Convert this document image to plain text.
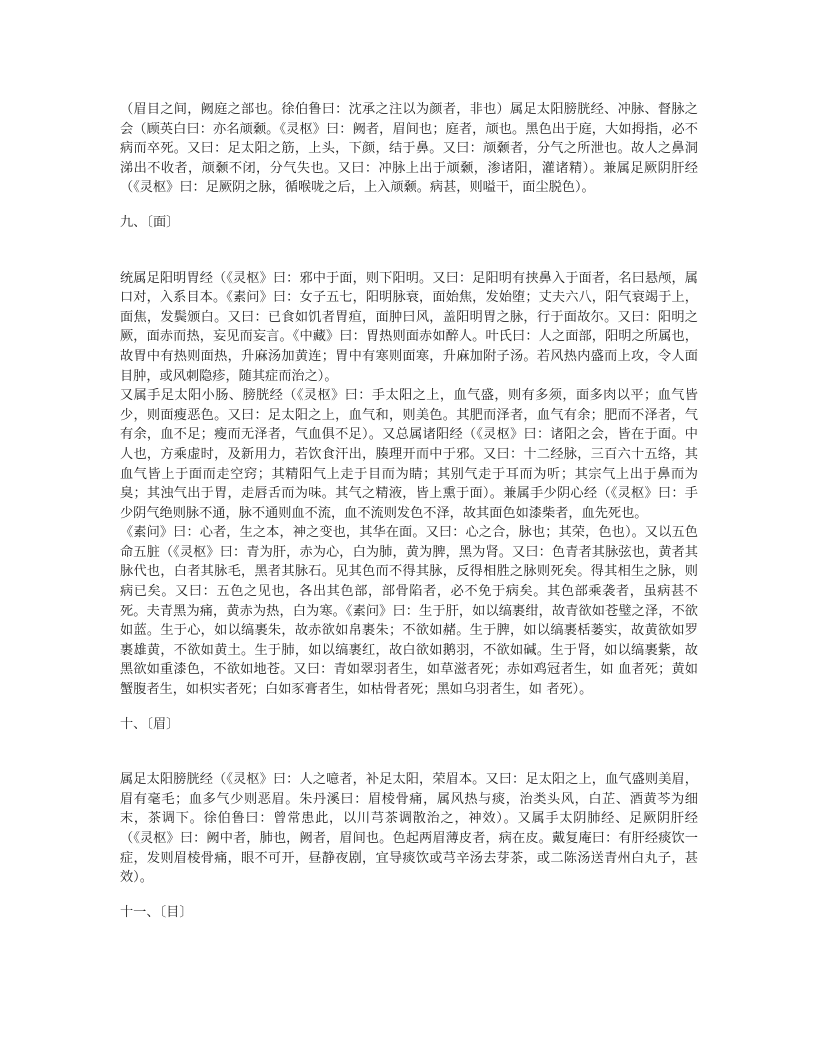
（眉目之间，阙庭之部也。徐伯鲁曰：沈承之注以为颜者，非也）属足太阳膀胱经、冲脉、督脉之会（顾英白曰：亦名颃颡。《灵枢》曰：阙者，眉间也；庭者，颃也。黑色出于庭，大如拇指，必不病而卒死。又曰：足太阳之筋，上头，下颜，结于鼻。又曰：颃颡者，分气之所泄也。故人之鼻洞涕出不收者，颃颡不闭，分气失也。又曰：冲脉上出于颃颡，渗诸阳，灌诸精）。兼属足厥阴肝经（《灵枢》曰：足厥阴之脉，循喉咙之后，上入颃颡。病甚，则嗌干，面尘脱色）。

九、〔面〕

统属足阳明胃经（《灵枢》曰：邪中于面，则下阳明。又曰：足阳明有挟鼻入于面者，名曰悬颅，属口对，入系目本。《素问》曰：女子五七，阳明脉衰，面始焦，发始堕；丈夫六八，阳气衰竭于上，面焦，发鬓颁白。又曰：已食如饥者胃疸，面肿曰风，盖阳明胃之脉，行于面故尔。又曰：阳明之厥，面赤而热，妄见而妄言。《中藏》曰：胃热则面赤如醉人。叶氏曰：人之面部，阳明之所属也，故胃中有热则面热，升麻汤加黄连；胃中有寒则面寒，升麻加附子汤。若风热内盛而上攻，令人面目肿，或风刺隐疹，随其症而治之）。

又属手足太阳小肠、膀胱经（《灵枢》曰：手太阳之上，血气盛，则有多须，面多肉以平；血气皆少，则面瘦恶色。又曰：足太阳之上，血气和，则美色。其肥而泽者，血气有余；肥而不泽者，气有余，血不足；瘦而无泽者，气血俱不足）。又总属诸阳经（《灵枢》曰：诸阳之会，皆在于面。中人也，方乘虚时，及新用力，若饮食汗出，腠理开而中于邪。又曰：十二经脉，三百六十五络，其血气皆上于面而走空窍；其精阳气上走于目而为睛；其别气走于耳而为听；其宗气上出于鼻而为臭；其浊气出于胃，走唇舌而为味。其气之精液，皆上熏于面）。兼属手少阴心经（《灵枢》曰：手少阴气绝则脉不通，脉不通则血不流，血不流则发色不泽，故其面色如漆柴者，血先死也。

《素问》曰：心者，生之本，神之变也，其华在面。又曰：心之合，脉也；其荣，色也）。又以五色命五脏（《灵枢》曰：青为肝，赤为心，白为肺，黄为脾，黑为肾。又曰：色青者其脉弦也，黄者其脉代也，白者其脉毛，黑者其脉石。见其色而不得其脉，反得相胜之脉则死矣。得其相生之脉，则病已矣。又曰：五色之见也，各出其色部，部骨陷者，必不免于病矣。其色部乘袭者，虽病甚不死。夫青黑为痛，黄赤为热，白为寒。《素问》曰：生于肝，如以缟裹绀，故青欲如苍璧之泽，不欲如蓝。生于心，如以缟裹朱，故赤欲如帛裹朱；不欲如赭。生于脾，如以缟裹栝蒌实，故黄欲如罗裹雄黄，不欲如黄土。生于肺，如以缟裹红，故白欲如鹅羽，不欲如碱。生于肾，如以缟裹紫，故黑欲如重漆色，不欲如地苍。又曰：青如翠羽者生，如草滋者死；赤如鸡冠者生，如 血者死；黄如蟹腹者生，如枳实者死；白如豕膏者生，如枯骨者死；黑如乌羽者生，如 者死）。

十、〔眉〕

属足太阳膀胱经（《灵枢》曰：人之噫者，补足太阳，荣眉本。又曰：足太阳之上，血气盛则美眉，眉有毫毛；血多气少则恶眉。朱丹溪曰：眉棱骨痛，属风热与痰，治类头风，白芷、酒黄芩为细末，茶调下。徐伯鲁曰：曾常患此，以川芎茶调散治之，神效）。又属手太阴肺经、足厥阴肝经（《灵枢》曰：阙中者，肺也，阙者，眉间也。色起两眉薄皮者，病在皮。戴复庵曰：有肝经痰饮一症，发则眉棱骨痛，眼不可开，昼静夜剧，宜导痰饮或芎辛汤去芽茶，或二陈汤送青州白丸子，甚效）。

十一、〔目〕
